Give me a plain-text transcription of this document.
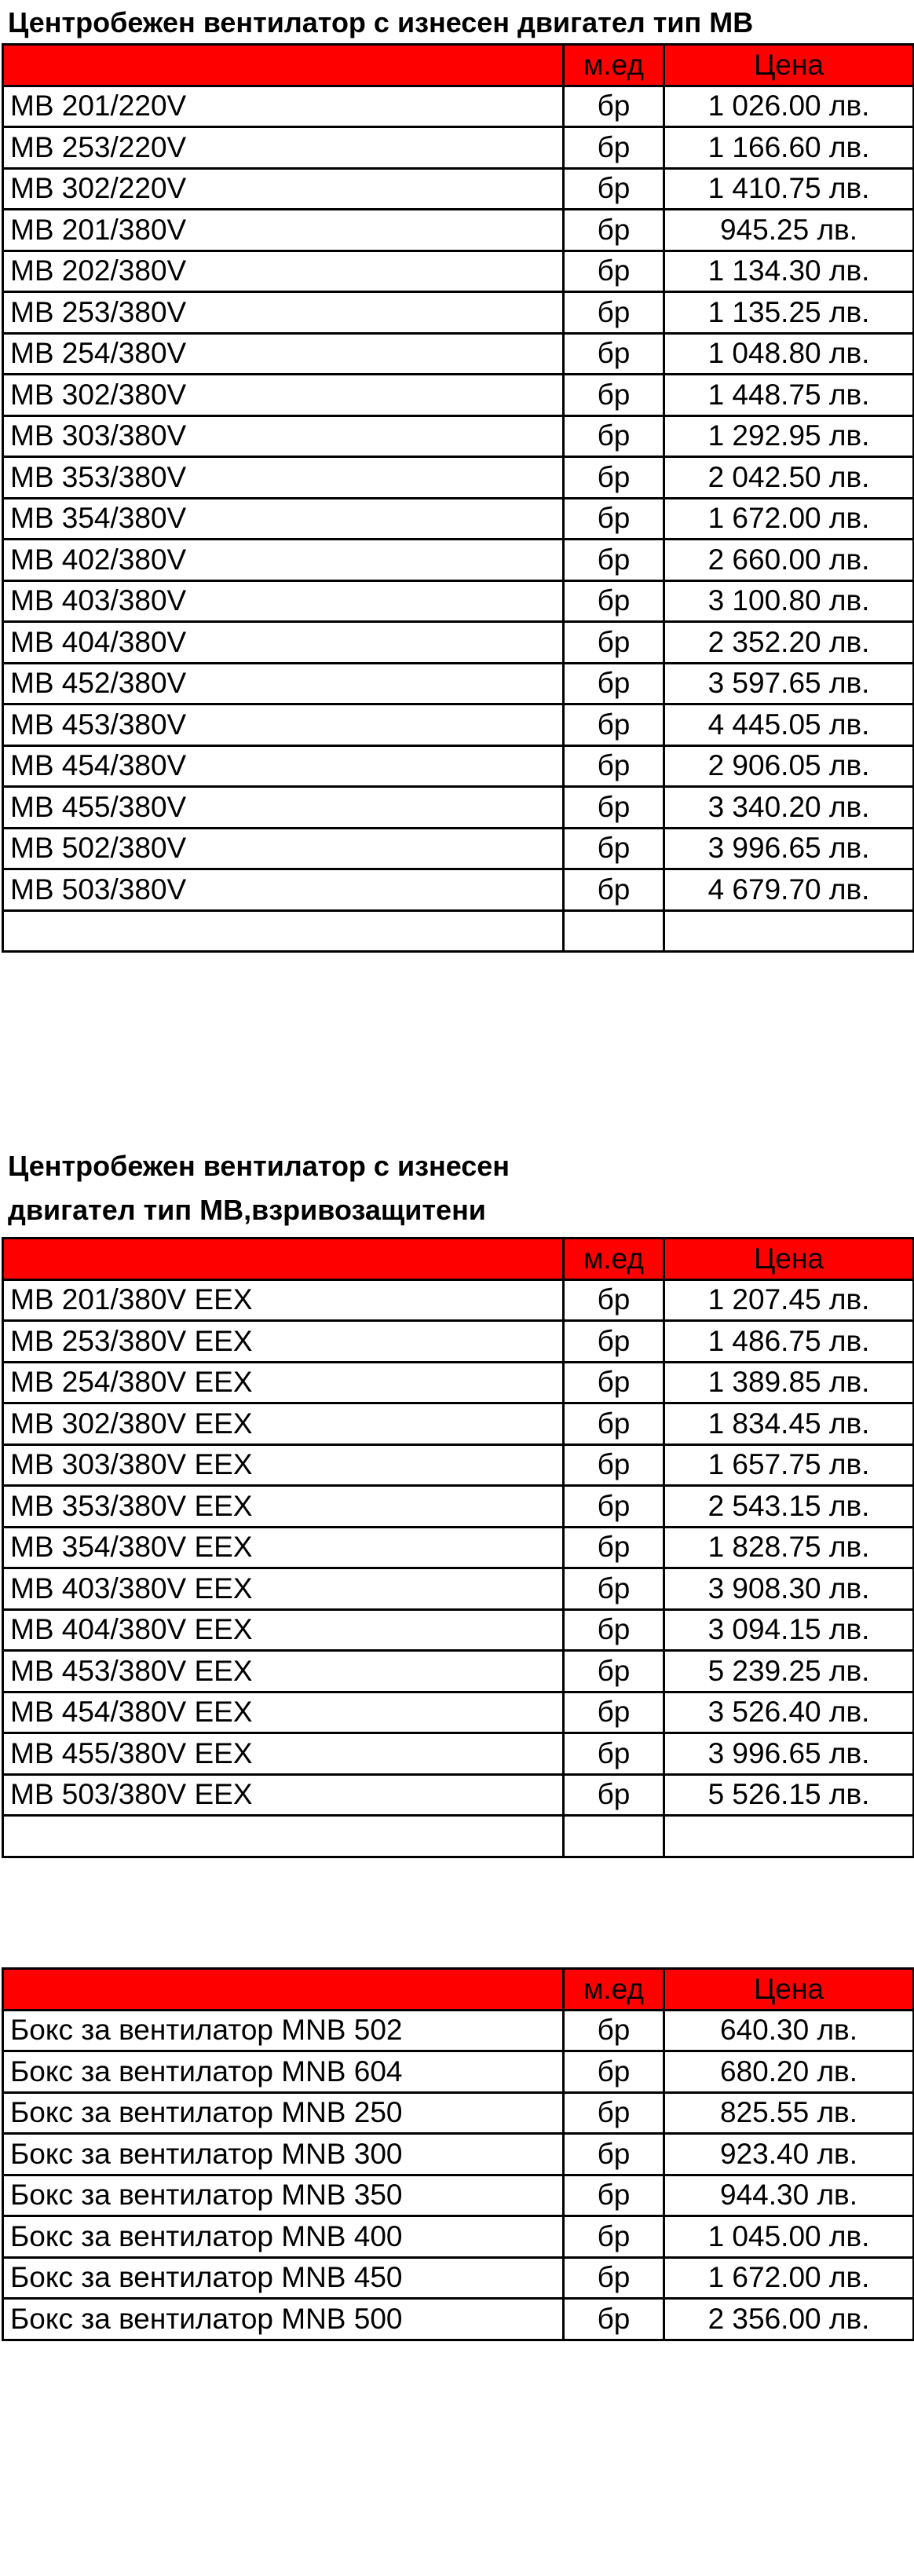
Центробежен вентилатор с изнесен двигател тип MB
	м.ед	Цена
MB 201/220V	бр	1 026.00 лв.
MB 253/220V	бр	1 166.60 лв.
MB 302/220V	бр	1 410.75 лв.
MB 201/380V	бр	945.25 лв.
MB 202/380V	бр	1 134.30 лв.
MB 253/380V	бр	1 135.25 лв.
MB 254/380V	бр	1 048.80 лв.
MB 302/380V	бр	1 448.75 лв.
MB 303/380V	бр	1 292.95 лв.
MB 353/380V	бр	2 042.50 лв.
MB 354/380V	бр	1 672.00 лв.
MB 402/380V	бр	2 660.00 лв.
MB 403/380V	бр	3 100.80 лв.
MB 404/380V	бр	2 352.20 лв.
MB 452/380V	бр	3 597.65 лв.
MB 453/380V	бр	4 445.05 лв.
MB 454/380V	бр	2 906.05 лв.
MB 455/380V	бр	3 340.20 лв.
MB 502/380V	бр	3 996.65 лв.
MB 503/380V	бр	4 679.70 лв.

Центробежен вентилатор с изнесен
двигател тип MB,взривозащитени
	м.ед	Цена
MB 201/380V EEX	бр	1 207.45 лв.
MB 253/380V EEX	бр	1 486.75 лв.
MB 254/380V EEX	бр	1 389.85 лв.
MB 302/380V EEX	бр	1 834.45 лв.
MB 303/380V EEX	бр	1 657.75 лв.
MB 353/380V EEX	бр	2 543.15 лв.
MB 354/380V EEX	бр	1 828.75 лв.
MB 403/380V EEX	бр	3 908.30 лв.
MB 404/380V EEX	бр	3 094.15 лв.
MB 453/380V EEX	бр	5 239.25 лв.
MB 454/380V EEX	бр	3 526.40 лв.
MB 455/380V EEX	бр	3 996.65 лв.
MB 503/380V EEX	бр	5 526.15 лв.

	м.ед	Цена
Бокс за вентилатор MNB 502	бр	640.30 лв.
Бокс за вентилатор MNB 604	бр	680.20 лв.
Бокс за вентилатор MNB 250	бр	825.55 лв.
Бокс за вентилатор MNB 300	бр	923.40 лв.
Бокс за вентилатор MNB 350	бр	944.30 лв.
Бокс за вентилатор MNB 400	бр	1 045.00 лв.
Бокс за вентилатор MNB 450	бр	1 672.00 лв.
Бокс за вентилатор MNB 500	бр	2 356.00 лв.
